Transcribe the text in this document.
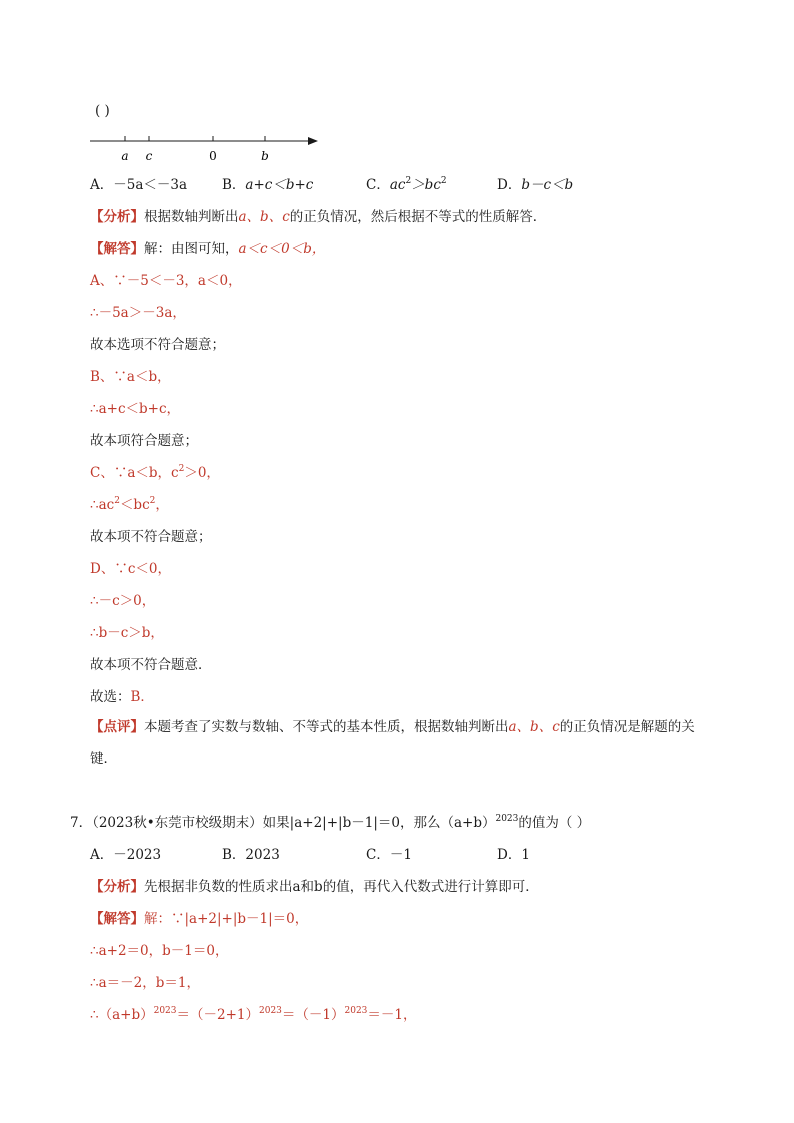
( )
a c	0	b
A．－5a＜－3a	B．a+c＜b+c	C．$ac^2>bc^2$	D．b－c＜b
【分析】根据数轴判断出a、b、c的正负情况，然后根据不等式的性质解答．
【解答】解：由图可知，a＜c＜0＜b，
A、∵－5＜－3，a＜0，
∴－5a＞－3a，
故本选项不符合题意；
B、∵a＜b，
∴a+c＜b+c，
故本项符合题意；
C、∵a＜b，$c^2>0$，
$\therefore ac^2<bc^2$，
故本项不符合题意；
D、∵c＜0，
∴－c＞0，
∴b－c＞b，
故本项不符合题意．
故选：B．
【点评】本题考查了实数与数轴、不等式的基本性质，根据数轴判断出a、b、c的正负情况是解题的关
键．
7．（2023秋•东莞市校级期末）如果|a+2|+|b－1|＝0，那么$(a+b)^{2023}$的值为（ ）
A．－2023	B．2023	C．－1	D．1
【分析】先根据非负数的性质求出a和b的值，再代入代数式进行计算即可．
【解答】解：∵|a+2|+|b－1|＝0，
∴a+2＝0，b－1＝0，
∴a＝－2，b＝1，
$\therefore(a+b)^{2023}=(-2+1)^{2023}=(-1)^{2023}=-1$，
